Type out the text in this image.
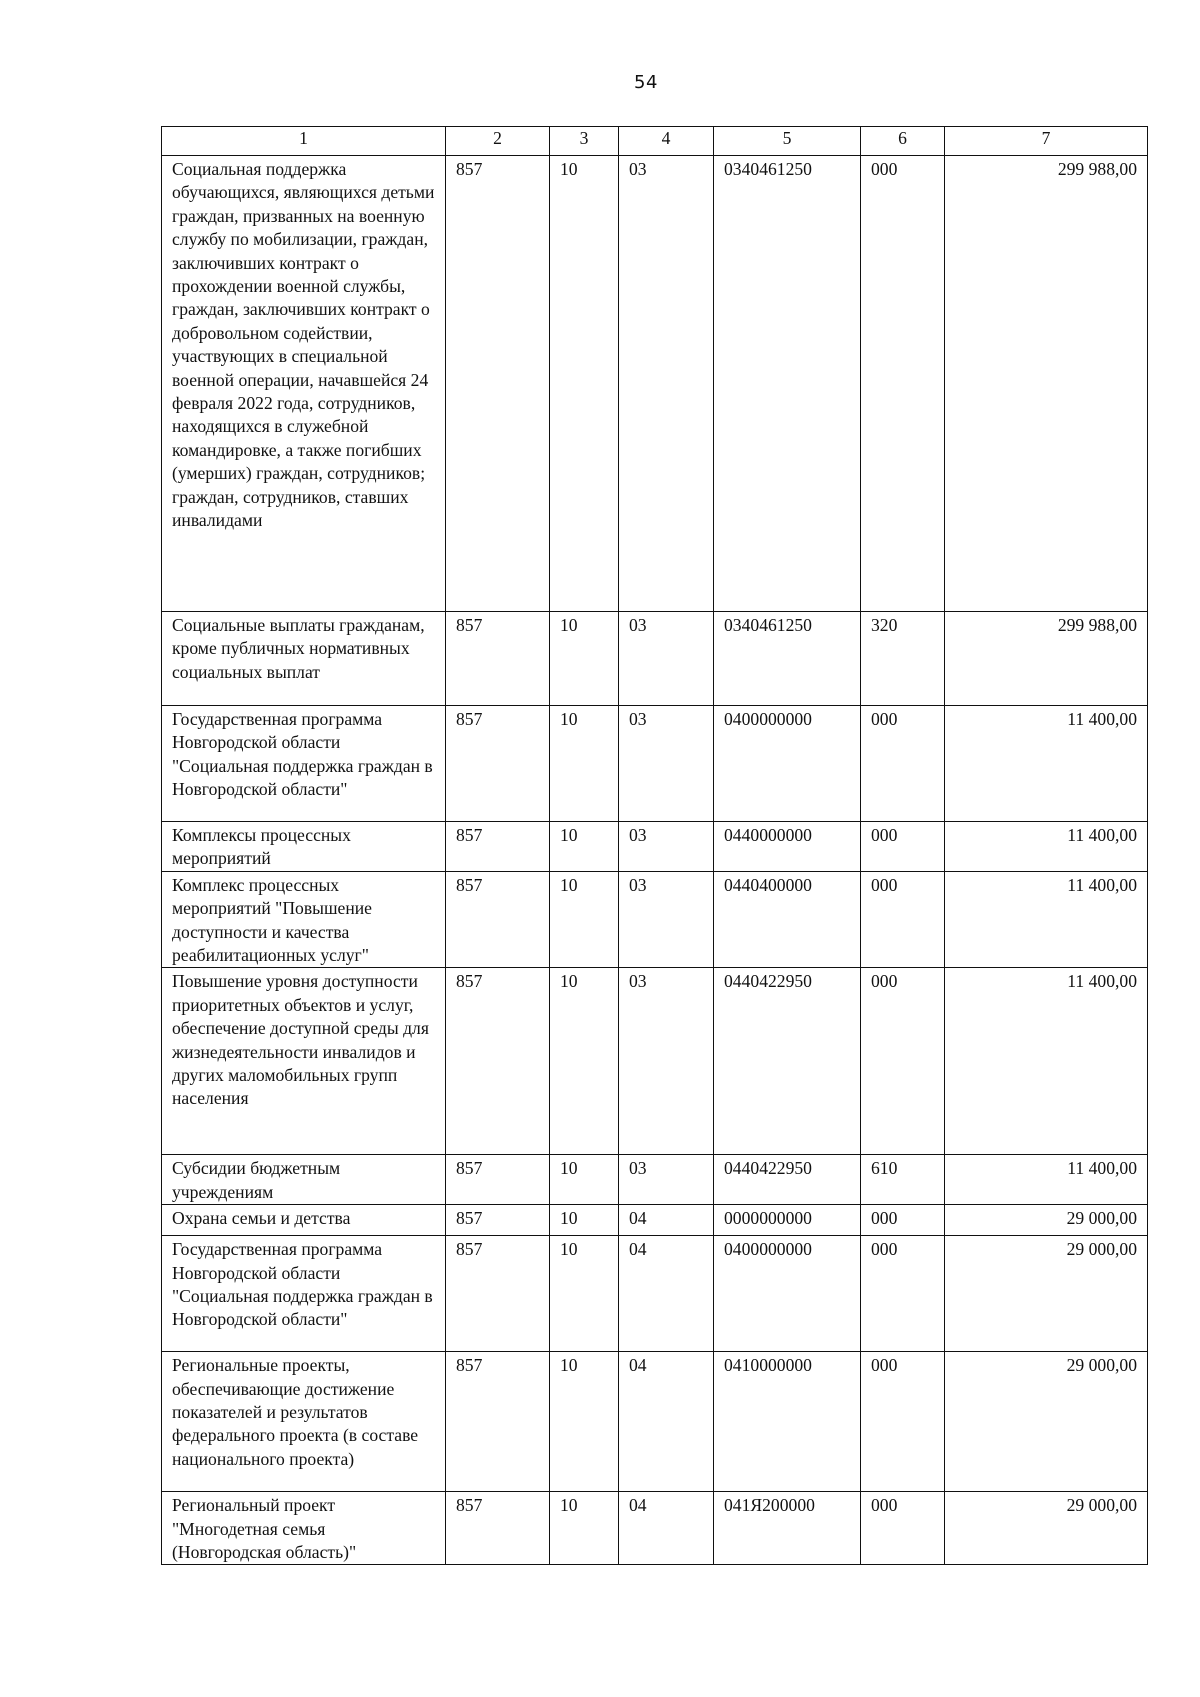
54
1	2	3	4	5	6	7
Социальная поддержка обучающихся, являющихся детьми граждан, призванных на военную службу по мобилизации, граждан, заключивших контракт о прохождении военной службы, граждан, заключивших контракт о добровольном содействии, участвующих в специальной военной операции, начавшейся 24 февраля 2022 года, сотрудников, находящихся в служебной командировке, а также погибших (умерших) граждан, сотрудников; граждан, сотрудников, ставших инвалидами	857	10	03	0340461250	000	299 988,00
Социальные выплаты гражданам, кроме публичных нормативных социальных выплат	857	10	03	0340461250	320	299 988,00
Государственная программа Новгородской области "Социальная поддержка граждан в Новгородской области"	857	10	03	0400000000	000	11 400,00
Комплексы процессных мероприятий	857	10	03	0440000000	000	11 400,00
Комплекс процессных мероприятий "Повышение доступности и качества реабилитационных услуг"	857	10	03	0440400000	000	11 400,00
Повышение уровня доступности приоритетных объектов и услуг, обеспечение доступной среды для жизнедеятельности инвалидов и других маломобильных групп населения	857	10	03	0440422950	000	11 400,00
Субсидии бюджетным учреждениям	857	10	03	0440422950	610	11 400,00
Охрана семьи и детства	857	10	04	0000000000	000	29 000,00
Государственная программа Новгородской области "Социальная поддержка граждан в Новгородской области"	857	10	04	0400000000	000	29 000,00
Региональные проекты, обеспечивающие достижение показателей и результатов федерального проекта (в составе национального проекта)	857	10	04	0410000000	000	29 000,00
Региональный проект "Многодетная семья (Новгородская область)"	857	10	04	041Я200000	000	29 000,00
